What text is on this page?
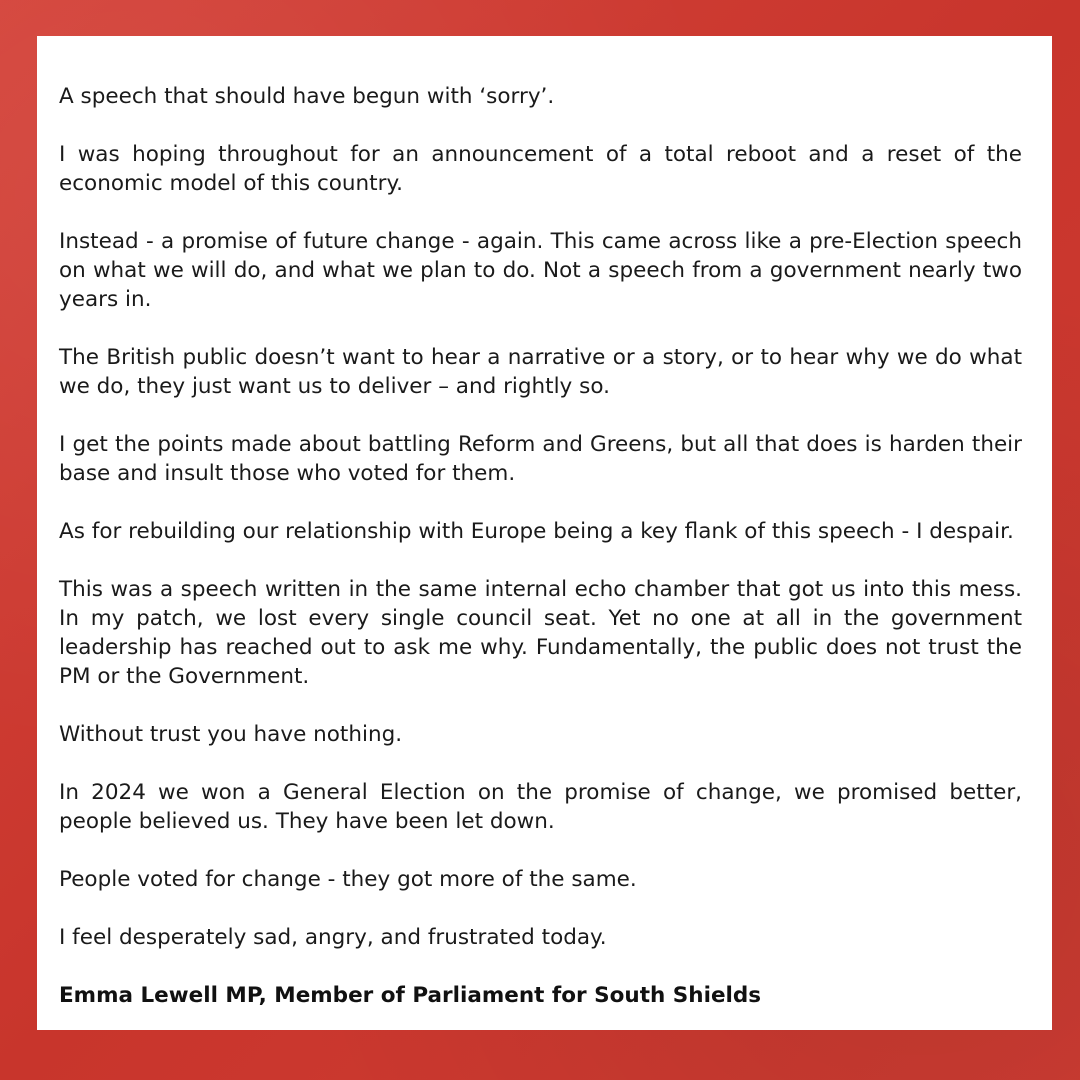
A speech that should have begun with ‘sorry’.

I was hoping throughout for an announcement of a total reboot and a reset of the economic model of this country.

Instead - a promise of future change - again. This came across like a pre-Election speech on what we will do, and what we plan to do. Not a speech from a government nearly two years in.

The British public doesn’t want to hear a narrative or a story, or to hear why we do what we do, they just want us to deliver – and rightly so.

I get the points made about battling Reform and Greens, but all that does is harden their base and insult those who voted for them.

As for rebuilding our relationship with Europe being a key flank of this speech - I despair.

This was a speech written in the same internal echo chamber that got us into this mess. In my patch, we lost every single council seat. Yet no one at all in the government leadership has reached out to ask me why. Fundamentally, the public does not trust the PM or the Government.

Without trust you have nothing.

In 2024 we won a General Election on the promise of change, we promised better, people believed us. They have been let down.

People voted for change - they got more of the same.

I feel desperately sad, angry, and frustrated today.

Emma Lewell MP, Member of Parliament for South Shields
